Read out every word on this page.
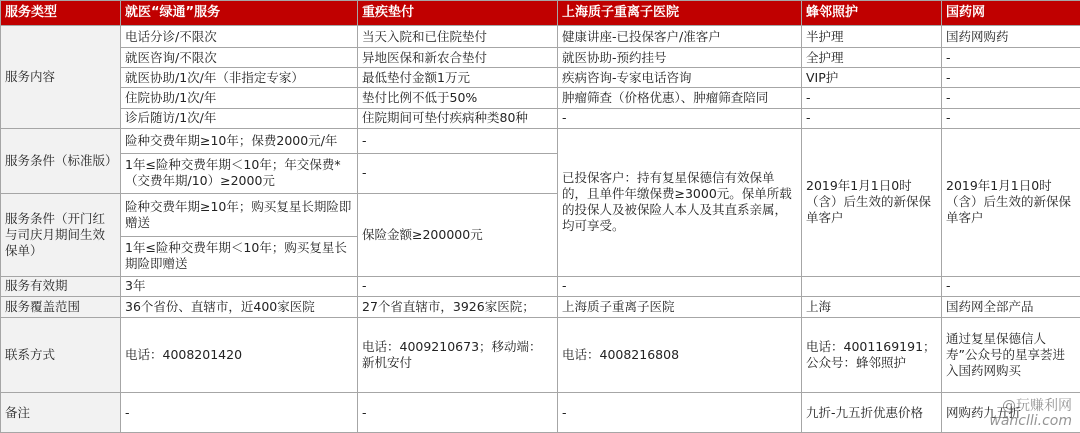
服务类型	就医“绿通”服务	重疾垫付	上海质子重离子医院	蜂邻照护	国药网
服务内容	电话分诊/不限次	当天入院和已住院垫付	健康讲座-已投保客户/准客户	半护理	国药网购药
	就医咨询/不限次	异地医保和新农合垫付	就医协助-预约挂号	全护理	-
	就医协助/1次/年（非指定专家）	最低垫付金额1万元	疾病咨询-专家电话咨询	VIP护	-
	住院协助/1次/年	垫付比例不低于50%	肿瘤筛查（价格优惠）、肿瘤筛查陪同	-	-
	诊后随访/1次/年	住院期间可垫付疾病种类80种	-	-	-
服务条件（标准版）	险种交费年期≥10年；保费2000元/年	-	已投保客户：持有复星保德信有效保单的，且单件年缴保费≥3000元。保单所载的投保人及被保险人本人及其直系亲属，均可享受。	2019年1月1日0时（含）后生效的新保保单客户	2019年1月1日0时（含）后生效的新保保单客户
	1年≤险种交费年期＜10年；年交保费*（交费年期/10）≥2000元	-			
服务条件（开门红与司庆月期间生效保单）	险种交费年期≥10年；购买复星长期险即赠送	保险金额≥200000元			
	1年≤险种交费年期＜10年；购买复星长期险即赠送				
服务有效期	3年	-	-		-
服务覆盖范围	36个省份、直辖市，近400家医院	27个省直辖市，3926家医院；	上海质子重离子医院	上海	国药网全部产品
联系方式	电话：4008201420	电话：4009210673；移动端：新机安付	电话：4008216808	电话：4001169191；公众号：蜂邻照护	通过复星保德信人寿”公众号的星享荟进入国药网购买
备注	-	-	-	九折-九五折优惠价格	网购药九五折
@玩赚利网
wanclli.com
